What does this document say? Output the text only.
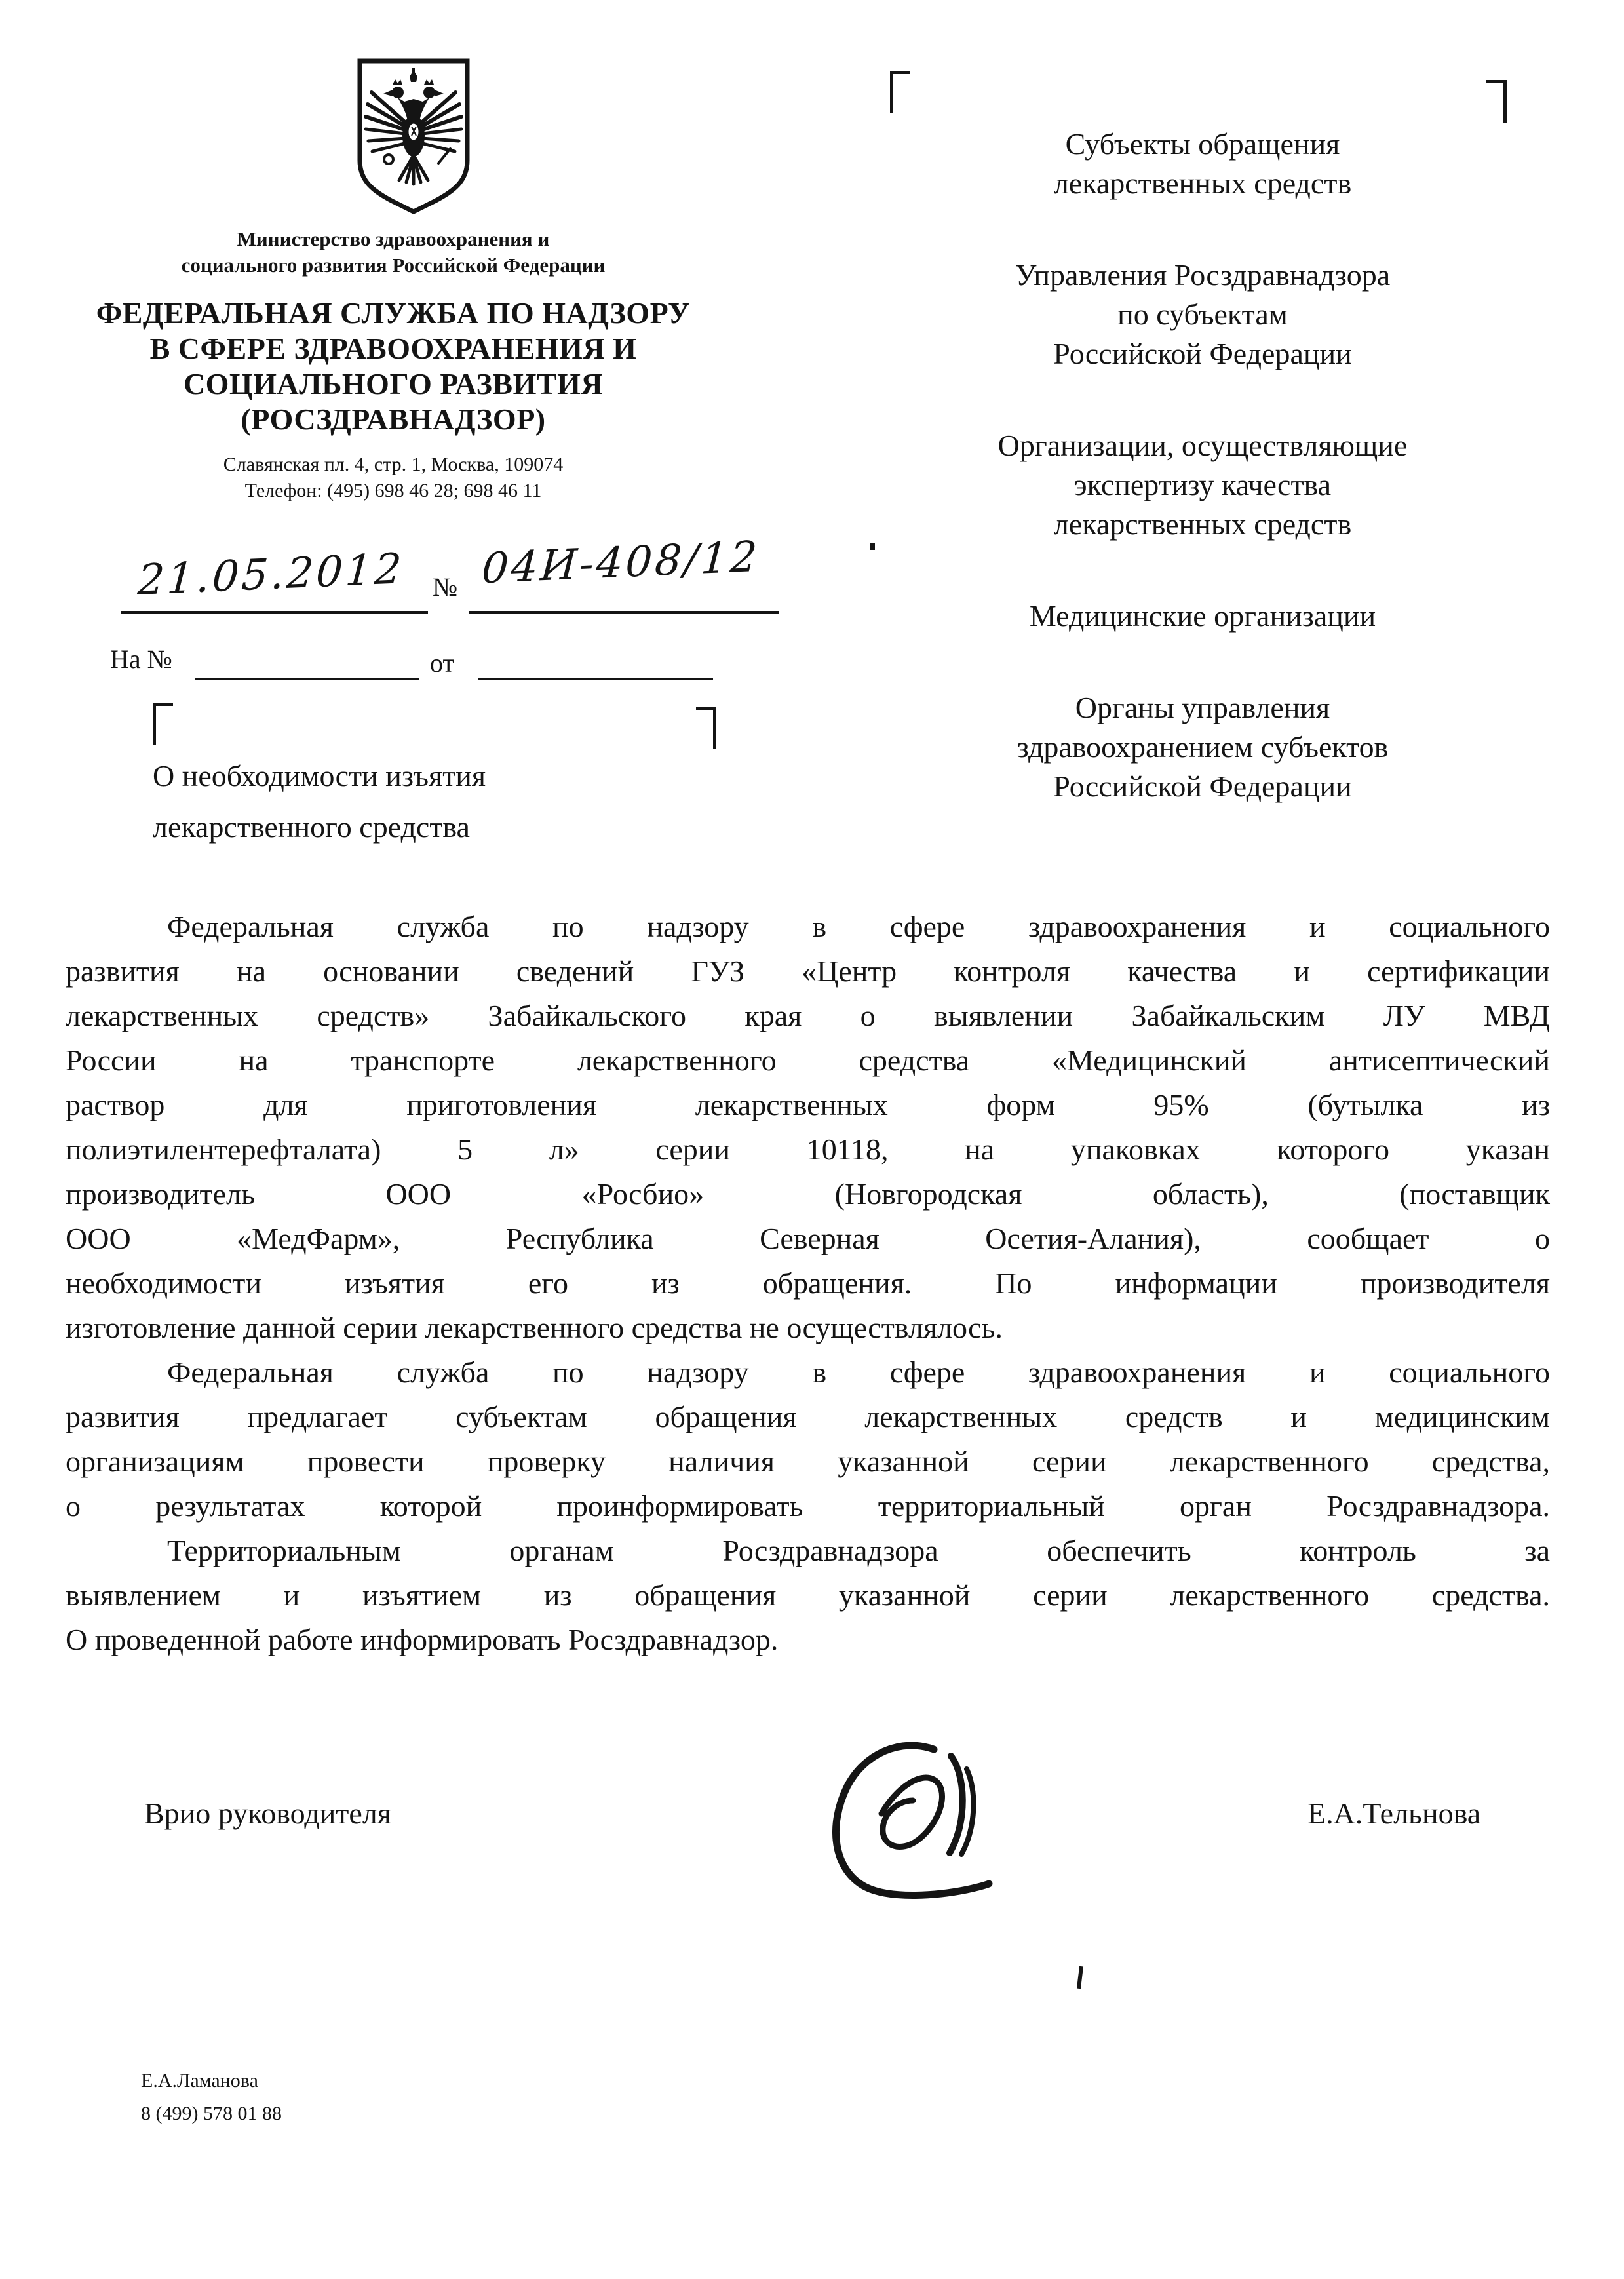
Министерство здравоохранения и
социального развития Российской Федерации
ФЕДЕРАЛЬНАЯ СЛУЖБА ПО НАДЗОРУ
В СФЕРЕ ЗДРАВООХРАНЕНИЯ И
СОЦИАЛЬНОГО РАЗВИТИЯ
(РОСЗДРАВНАДЗОР)
Славянская пл. 4, стр. 1, Москва, 109074
Телефон: (495) 698 46 28; 698 46 11
21.05.2012 № 04И-408/12
На №	от
О необходимости изъятия
лекарственного средства
Субъекты обращения
лекарственных средств
Управления Росздравнадзора
по субъектам
Российской Федерации
Организации, осуществляющие
экспертизу качества
лекарственных средств
Медицинские организации
Органы управления
здравоохранением субъектов
Российской Федерации
Федеральная служба по надзору в сфере здравоохранения и социального
развития на основании сведений ГУЗ «Центр контроля качества и сертификации
лекарственных средств» Забайкальского края о выявлении Забайкальским ЛУ МВД
России на транспорте лекарственного средства «Медицинский антисептический
раствор для приготовления лекарственных форм 95% (бутылка из
полиэтилентерефталата) 5 л» серии 10118, на упаковках которого указан
производитель ООО «Росбио» (Новгородская область), (поставщик
ООО «МедФарм», Республика Северная Осетия-Алания), сообщает о
необходимости изъятия его из обращения. По информации производителя
изготовление данной серии лекарственного средства не осуществлялось.
Федеральная служба по надзору в сфере здравоохранения и социального
развития предлагает субъектам обращения лекарственных средств и медицинским
организациям провести проверку наличия указанной серии лекарственного средства,
о результатах которой проинформировать территориальный орган Росздравнадзора.
Территориальным органам Росздравнадзора обеспечить контроль за
выявлением и изъятием из обращения указанной серии лекарственного средства.
О проведенной работе информировать Росздравнадзор.
Врио руководителя	Е.А.Тельнова
Е.А.Ламанова
8 (499) 578 01 88
